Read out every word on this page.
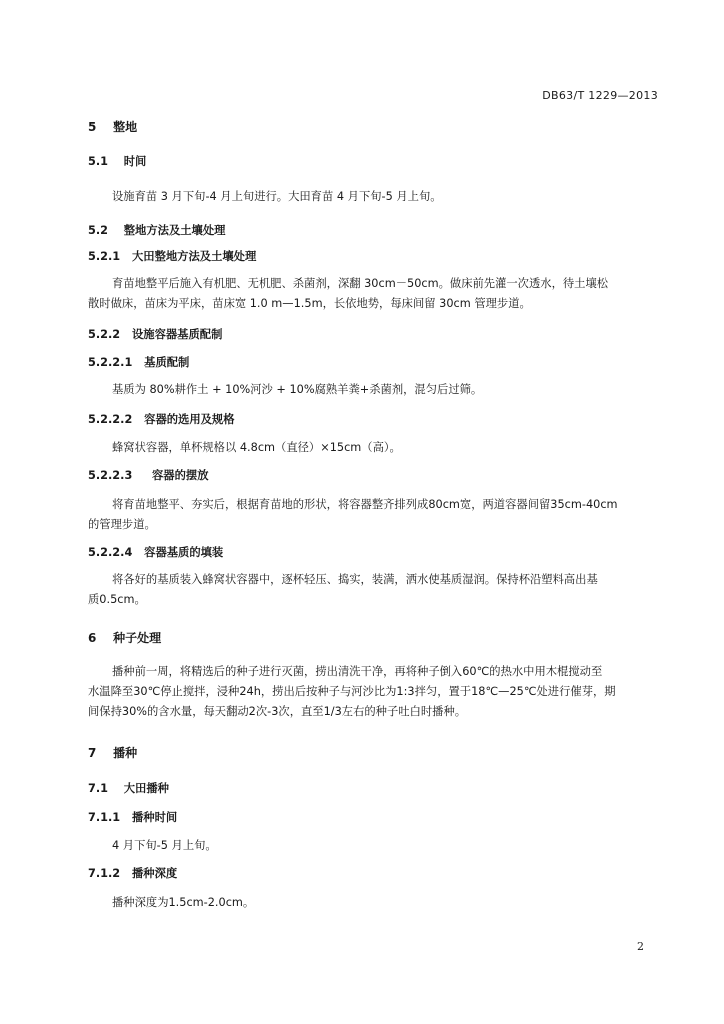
DB63/T 1229—2013
5 整地
5.1 时间
设施育苗 3 月下旬-4 月上旬进行。大田育苗 4 月下旬-5 月上旬。
5.2 整地方法及土壤处理
5.2.1 大田整地方法及土壤处理
育苗地整平后施入有机肥、无机肥、杀菌剂，深翻 30cm－50cm。做床前先灌一次透水，待土壤松
散时做床，苗床为平床，苗床宽 1.0 m—1.5m，长依地势，每床间留 30cm 管理步道。
5.2.2 设施容器基质配制
5.2.2.1 基质配制
基质为 80%耕作土 + 10%河沙 + 10%腐熟羊粪+杀菌剂，混匀后过筛。
5.2.2.2 容器的选用及规格
蜂窝状容器，单杯规格以 4.8cm（直径）×15cm（高）。
5.2.2.3 容器的摆放
将育苗地整平、夯实后，根据育苗地的形状，将容器整齐排列成80cm宽，两道容器间留35cm-40cm
的管理步道。
5.2.2.4 容器基质的填装
将各好的基质装入蜂窝状容器中，逐杯轻压、捣实，装满，洒水使基质湿润。保持杯沿塑料高出基
质0.5cm。
6 种子处理
播种前一周，将精选后的种子进行灭菌，捞出清洗干净，再将种子倒入60℃的热水中用木棍搅动至
水温降至30℃停止搅拌，浸种24h，捞出后按种子与河沙比为1:3拌匀，置于18℃—25℃处进行催芽，期
间保持30%的含水量，每天翻动2次-3次，直至1/3左右的种子吐白时播种。
7 播种
7.1 大田播种
7.1.1 播种时间
4 月下旬-5 月上旬。
7.1.2 播种深度
播种深度为1.5cm-2.0cm。
2
